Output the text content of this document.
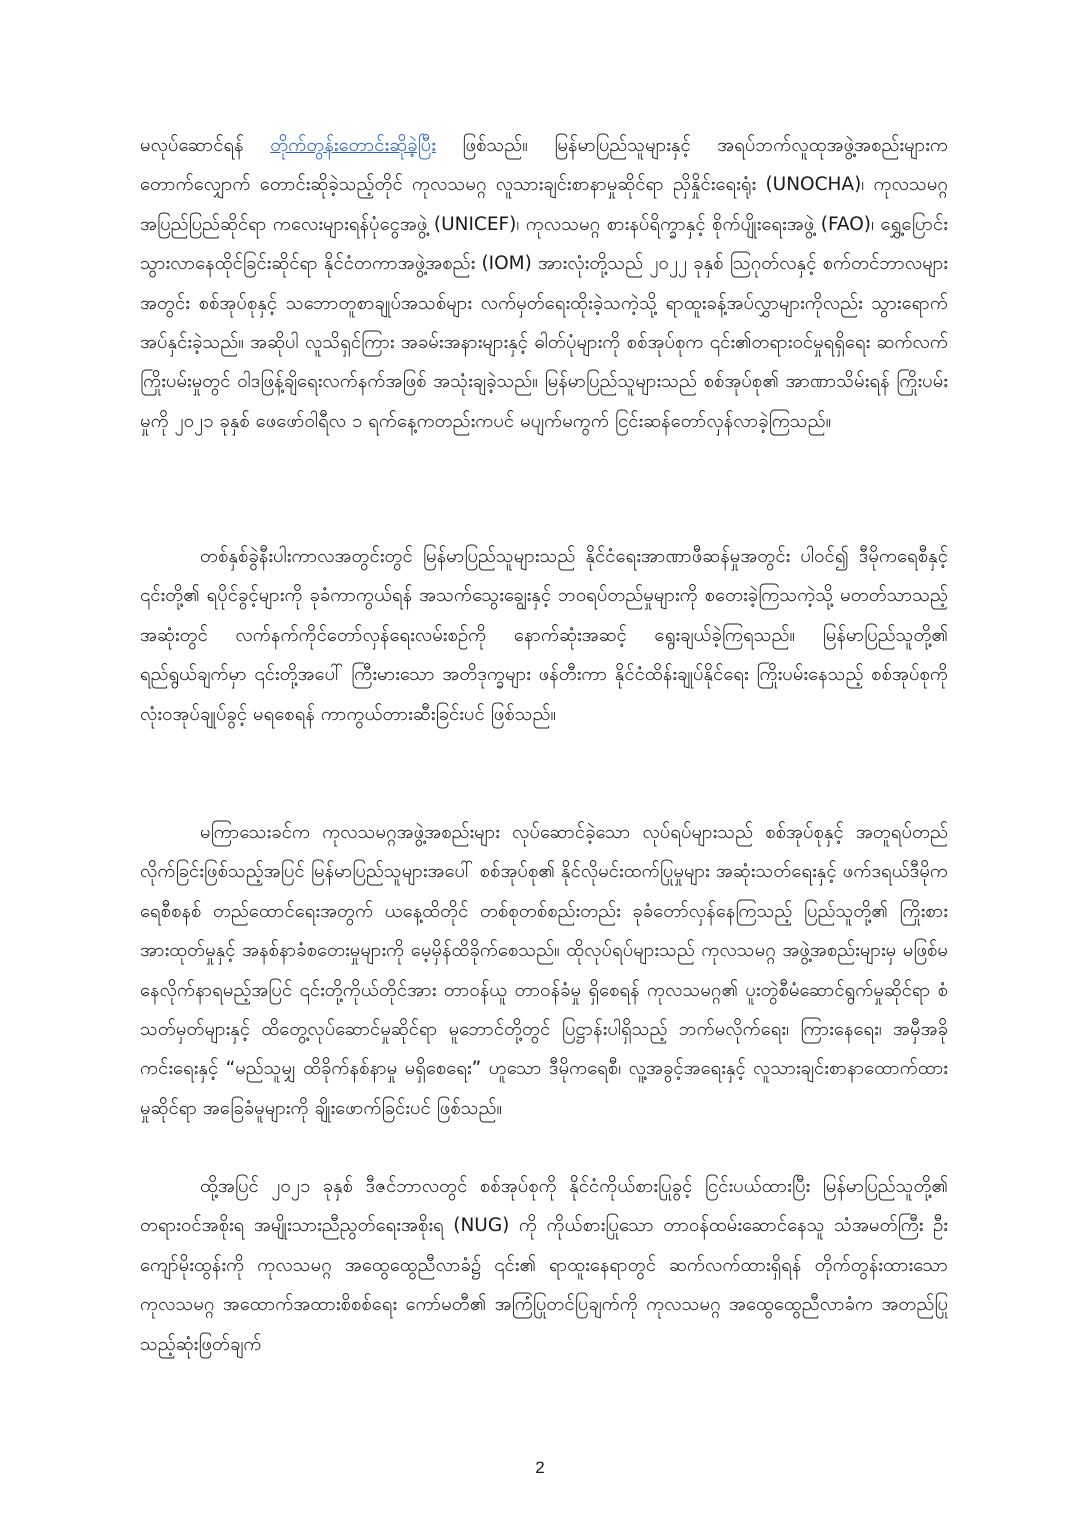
မလုပ်ဆောင်ရန် တိုက်တွန်းတောင်းဆိုခဲ့ပြီး ဖြစ်သည်။ မြန်မာပြည်သူများနှင့် အရပ်ဘက်လူထုအဖွဲ့အစည်းများက တောက်လျှောက် တောင်းဆိုခဲ့သည့်တိုင် ကုလသမဂ္ဂ လူသားချင်းစာနာမှုဆိုင်ရာ ညှိနှိုင်းရေးရုံး (UNOCHA)၊ ကုလသမဂ္ဂ အပြည်ပြည်ဆိုင်ရာ ကလေးများရန်ပုံငွေအဖွဲ့ (UNICEF)၊ ကုလသမဂ္ဂ စားနပ်ရိက္ခာနှင့် စိုက်ပျိုးရေးအဖွဲ့ (FAO)၊ ရွှေ့ပြောင်းသွားလာနေထိုင်ခြင်းဆိုင်ရာ နိုင်ငံတကာအဖွဲ့အစည်း (IOM) အားလုံးတို့သည် ၂၀၂၂ ခုနှစ် ဩဂုတ်လနှင့် စက်တင်ဘာလများအတွင်း စစ်အုပ်စုနှင့် သဘောတူစာချုပ်အသစ်များ လက်မှတ်ရေးထိုးခဲ့သကဲ့သို့ ရာထူးခန့်အပ်လွှာများကိုလည်း သွားရောက်အပ်နှင်းခဲ့သည်။ အဆိုပါ လူသိရှင်ကြား အခမ်းအနားများနှင့် ဓါတ်ပုံများကို စစ်အုပ်စုက ၎င်း၏တရားဝင်မှုရရှိရေး ဆက်လက်ကြိုးပမ်းမှုတွင် ဝါဒဖြန့်ချိရေးလက်နက်အဖြစ် အသုံးချခဲ့သည်။ မြန်မာပြည်သူများသည် စစ်အုပ်စု၏ အာဏာသိမ်းရန် ကြိုးပမ်းမှုကို ၂၀၂၁ ခုနှစ် ဖေဖော်ဝါရီလ ၁ ရက်နေ့ကတည်းကပင် မပျက်မကွက် ငြင်းဆန်တော်လှန်လာခဲ့ကြသည်။

တစ်နှစ်ခွဲနီးပါးကာလအတွင်းတွင် မြန်မာပြည်သူများသည် နိုင်ငံရေးအာဏာဖီဆန်မှုအတွင်း ပါဝင်၍ ဒီမိုကရေစီနှင့် ၎င်းတို့၏ ရပိုင်ခွင့်များကို ခုခံကာကွယ်ရန် အသက်သွေးချွေးနှင့် ဘဝရပ်တည်မှုများကို စတေးခဲ့ကြသကဲ့သို့ မတတ်သာသည့်အဆုံးတွင် လက်နက်ကိုင်တော်လှန်ရေးလမ်းစဉ်ကို နောက်ဆုံးအဆင့် ရွေးချယ်ခဲ့ကြရသည်။ မြန်မာပြည်သူတို့၏ ရည်ရွယ်ချက်မှာ ၎င်းတို့အပေါ် ကြီးမားသော အတိဒုက္ခများ ဖန်တီးကာ နိုင်ငံထိန်းချုပ်နိုင်ရေး ကြိုးပမ်းနေသည့် စစ်အုပ်စုကို လုံးဝအုပ်ချုပ်ခွင့် မရစေရန် ကာကွယ်တားဆီးခြင်းပင် ဖြစ်သည်။

မကြာသေးခင်က ကုလသမဂ္ဂအဖွဲ့အစည်းများ လုပ်ဆောင်ခဲ့သော လုပ်ရပ်များသည် စစ်အုပ်စုနှင့် အတူရပ်တည်လိုက်ခြင်းဖြစ်သည့်အပြင် မြန်မာပြည်သူများအပေါ် စစ်အုပ်စု၏ နိုင်လိုမင်းထက်ပြုမှုများ အဆုံးသတ်ရေးနှင့် ဖက်ဒရယ်ဒီမိုကရေစီစနစ် တည်ထောင်ရေးအတွက် ယနေ့ထိတိုင် တစ်စုတစ်စည်းတည်း ခုခံတော်လှန်နေကြသည့် ပြည်သူတို့၏ ကြိုးစားအားထုတ်မှုနှင့် အနစ်နာခံစတေးမှုများကို မေ့မှိန်ထိခိုက်စေသည်။ ထိုလုပ်ရပ်များသည် ကုလသမဂ္ဂ အဖွဲ့အစည်းများမှ မဖြစ်မနေလိုက်နာရမည့်အပြင် ၎င်းတို့ကိုယ်တိုင်အား တာဝန်ယူ တာဝန်ခံမှု ရှိစေရန် ကုလသမဂ္ဂ၏ ပူးတွဲစီမံဆောင်ရွက်မှုဆိုင်ရာ စံသတ်မှတ်များနှင့် ထိတွေ့လုပ်ဆောင်မှုဆိုင်ရာ မူဘောင်တို့တွင် ပြဋ္ဌာန်းပါရှိသည့် ဘက်မလိုက်ရေး၊ ကြားနေရေး၊ အမှီအခိုကင်းရေးနှင့် “မည်သူမျှ ထိခိုက်နစ်နာမှု မရှိစေရေး” ဟူသော ဒီမိုကရေစီ၊ လူ့အခွင့်အရေးနှင့် လူသားချင်းစာနာထောက်ထားမှုဆိုင်ရာ အခြေခံမူများကို ချိုးဖောက်ခြင်းပင် ဖြစ်သည်။

ထို့အပြင် ၂၀၂၁ ခုနှစ် ဒီဇင်ဘာလတွင် စစ်အုပ်စုကို နိုင်ငံကိုယ်စားပြုခွင့် ငြင်းပယ်ထားပြီး မြန်မာပြည်သူတို့၏ တရားဝင်အစိုးရ အမျိုးသားညီညွတ်ရေးအစိုးရ (NUG) ကို ကိုယ်စားပြုသော တာဝန်ထမ်းဆောင်နေသူ သံအမတ်ကြီး ဦးကျော်မိုးထွန်းကို ကုလသမဂ္ဂ အထွေထွေညီလာခံ၌ ၎င်း၏ ရာထူးနေရာတွင် ဆက်လက်ထားရှိရန် တိုက်တွန်းထားသော ကုလသမဂ္ဂ အထောက်အထားစိစစ်ရေး ကော်မတီ၏ အကြံပြုတင်ပြချက်ကို ကုလသမဂ္ဂ အထွေထွေညီလာခံက အတည်ပြုသည့်ဆုံးဖြတ်ချက်

2
